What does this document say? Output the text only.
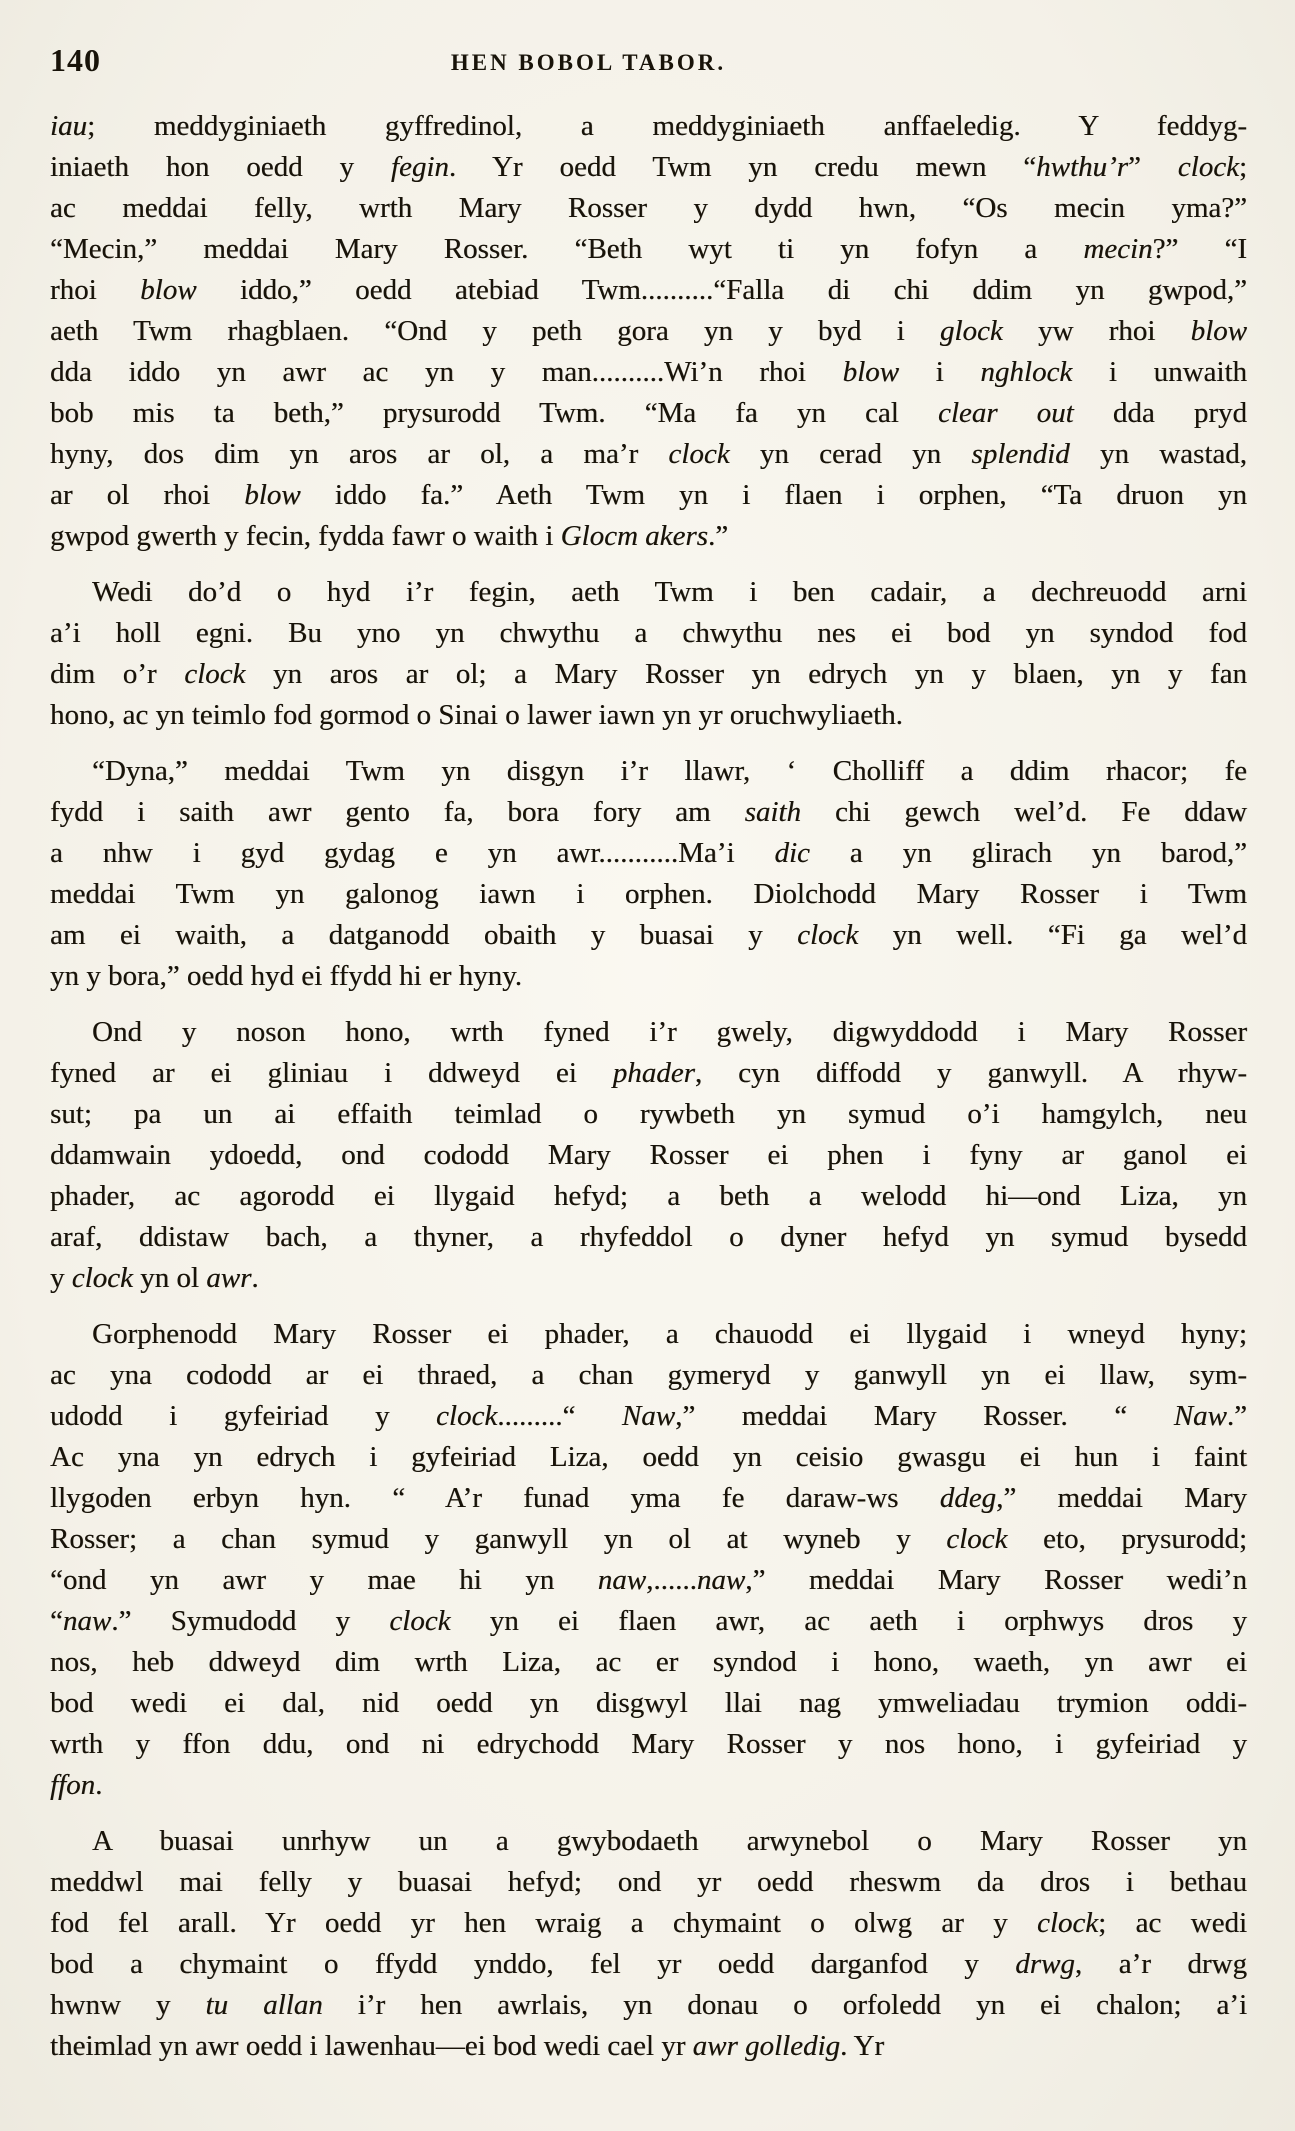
140	HEN BOBOL TABOR.

iau; meddyginiaeth gyffredinol, a meddyginiaeth anffaeledig. Y feddyg-
iniaeth hon oedd y fegin. Yr oedd Twm yn credu mewn “hwthu’r” clock;
ac meddai felly, wrth Mary Rosser y dydd hwn, “Os mecin yma?”
“Mecin,” meddai Mary Rosser. “Beth wyt ti yn fofyn a mecin?” “I
rhoi blow iddo,” oedd atebiad Twm..........“Falla di chi ddim yn gwpod,”
aeth Twm rhagblaen. “Ond y peth gora yn y byd i glock yw rhoi blow
dda iddo yn awr ac yn y man..........Wi’n rhoi blow i nghlock i unwaith
bob mis ta beth,” prysurodd Twm. “Ma fa yn cal clear out dda pryd
hyny, dos dim yn aros ar ol, a ma’r clock yn cerad yn splendid yn wastad,
ar ol rhoi blow iddo fa.” Aeth Twm yn i flaen i orphen, “Ta druon yn
gwpod gwerth y fecin, fydda fawr o waith i Glocm akers.”

Wedi do’d o hyd i’r fegin, aeth Twm i ben cadair, a dechreuodd arni
a’i holl egni. Bu yno yn chwythu a chwythu nes ei bod yn syndod fod
dim o’r clock yn aros ar ol; a Mary Rosser yn edrych yn y blaen, yn y fan
hono, ac yn teimlo fod gormod o Sinai o lawer iawn yn yr oruchwyliaeth.

“Dyna,” meddai Twm yn disgyn i’r llawr, ‘ Cholliff a ddim rhacor; fe
fydd i saith awr gento fa, bora fory am saith chi gewch wel’d. Fe ddaw
a nhw i gyd gydag e yn awr...........Ma’i dic a yn glirach yn barod,”
meddai Twm yn galonog iawn i orphen. Diolchodd Mary Rosser i Twm
am ei waith, a datganodd obaith y buasai y clock yn well. “Fi ga wel’d
yn y bora,” oedd hyd ei ffydd hi er hyny.

Ond y noson hono, wrth fyned i’r gwely, digwyddodd i Mary Rosser
fyned ar ei gliniau i ddweyd ei phader, cyn diffodd y ganwyll. A rhyw-
sut; pa un ai effaith teimlad o rywbeth yn symud o’i hamgylch, neu
ddamwain ydoedd, ond cododd Mary Rosser ei phen i fyny ar ganol ei
phader, ac agorodd ei llygaid hefyd; a beth a welodd hi—ond Liza, yn
araf, ddistaw bach, a thyner, a rhyfeddol o dyner hefyd yn symud bysedd
y clock yn ol awr.

Gorphenodd Mary Rosser ei phader, a chauodd ei llygaid i wneyd hyny;
ac yna cododd ar ei thraed, a chan gymeryd y ganwyll yn ei llaw, sym-
udodd i gyfeiriad y clock.........“ Naw,” meddai Mary Rosser. “ Naw.”
Ac yna yn edrych i gyfeiriad Liza, oedd yn ceisio gwasgu ei hun i faint
llygoden erbyn hyn. “ A’r funad yma fe daraw-ws ddeg,” meddai Mary
Rosser; a chan symud y ganwyll yn ol at wyneb y clock eto, prysurodd;
“ond yn awr y mae hi yn naw,......naw,” meddai Mary Rosser wedi’n
“naw.” Symudodd y clock yn ei flaen awr, ac aeth i orphwys dros y
nos, heb ddweyd dim wrth Liza, ac er syndod i hono, waeth, yn awr ei
bod wedi ei dal, nid oedd yn disgwyl llai nag ymweliadau trymion oddi-
wrth y ffon ddu, ond ni edrychodd Mary Rosser y nos hono, i gyfeiriad y
ffon.

A buasai unrhyw un a gwybodaeth arwynebol o Mary Rosser yn
meddwl mai felly y buasai hefyd; ond yr oedd rheswm da dros i bethau
fod fel arall. Yr oedd yr hen wraig a chymaint o olwg ar y clock; ac wedi
bod a chymaint o ffydd ynddo, fel yr oedd darganfod y drwg, a’r drwg
hwnw y tu allan i’r hen awrlais, yn donau o orfoledd yn ei chalon; a’i
theimlad yn awr oedd i lawenhau—ei bod wedi cael yr awr golledig. Yr
